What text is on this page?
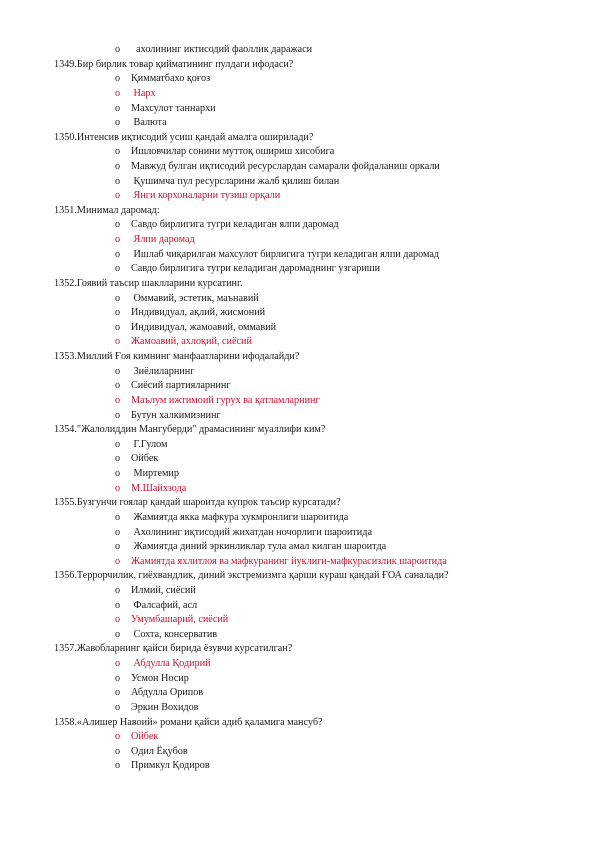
o  ахолининг иктисодий фаоллик даражаси
1349.Бир бирлик товар қийматининг пулдаги ифодаси?
o Қимматбахо қоғоз
o Нарх
o Махсулот таннархи
o Валюта
1350.Интенсив иқтисодий усиш қандай амалга оширилади?
o Ишловчилар сонини муттоқ ошириш хисобига
o Мавжуд булган иқтисодий ресурслардан самарали фойдаланиш оркали
o Қушимча пул ресурсларини жалб қилиш билан
o Янги корхоналарни тузиш орқали
1351.Минимал даромад:
o Савдо бирлигига тугри келадиган ялпи даромад
o Ялпи даромад
o Ишлаб чиқарилган махсулот бирлигига тугри келадиган ялпи даромад
o Савдо бирлигига тугри келадиган даромаднинг узгариши
1352.Гоявий таъсир шаклларини курсатинг.
o Оммавий, эстетик, маънавий
o Индивидуал, ақлий, жисмоний
o Индивидуал, жамоавий, оммавий
o Жамоавий, ахлоқий, сиёсий
1353.Миллий Ғоя кимнинг манфаатларини ифодалайди?
o Зиёлиларнинг
o Сиёсий партияларнинг
o Маълум ижтимоий гурух ва қатламларнинг
o Бутун халкимизнинг
1354."Жалолиддин Мангуберди" драмасининг муаллифи ким?
o Г.Гулом
o Ойбек
o Миртемир
o М.Шайхзода
1355.Бузгунчи гоялар қандай шароитда купрок таъсир курсатади?
o Жамиятда якка мафкура хукмронлиги шароитида
o Ахолининг иқтисодий жихатдан ночорлиги шароитида
o Жамиятда диний эркинликлар тула амал килган шароитда
o Жамиятда яхлитлоя ва мафкуранинг йуклиги-мафкурасизлик шароитида
1356.Террорчилик, гиёхвандлик, диний экстремизмга қарши кураш қандай ҒОА саналади?
o Илмий, сиёсий
o Фалсафий, асл
o Умумбашарий, сиёсий
o Сохта, консерватив
1357.Жавобларнинг қайси бирида ёзувчи курсатилган?
o Абдулла Қодирий
o Усмон Носир
o Абдулла Орипов
o Эркин Вохидов
1358.«Алишер Навоий» романи қайси адиб қаламига мансуб?
o Ойбек
o Одил Ёқубов
o Примкул Қодиров
